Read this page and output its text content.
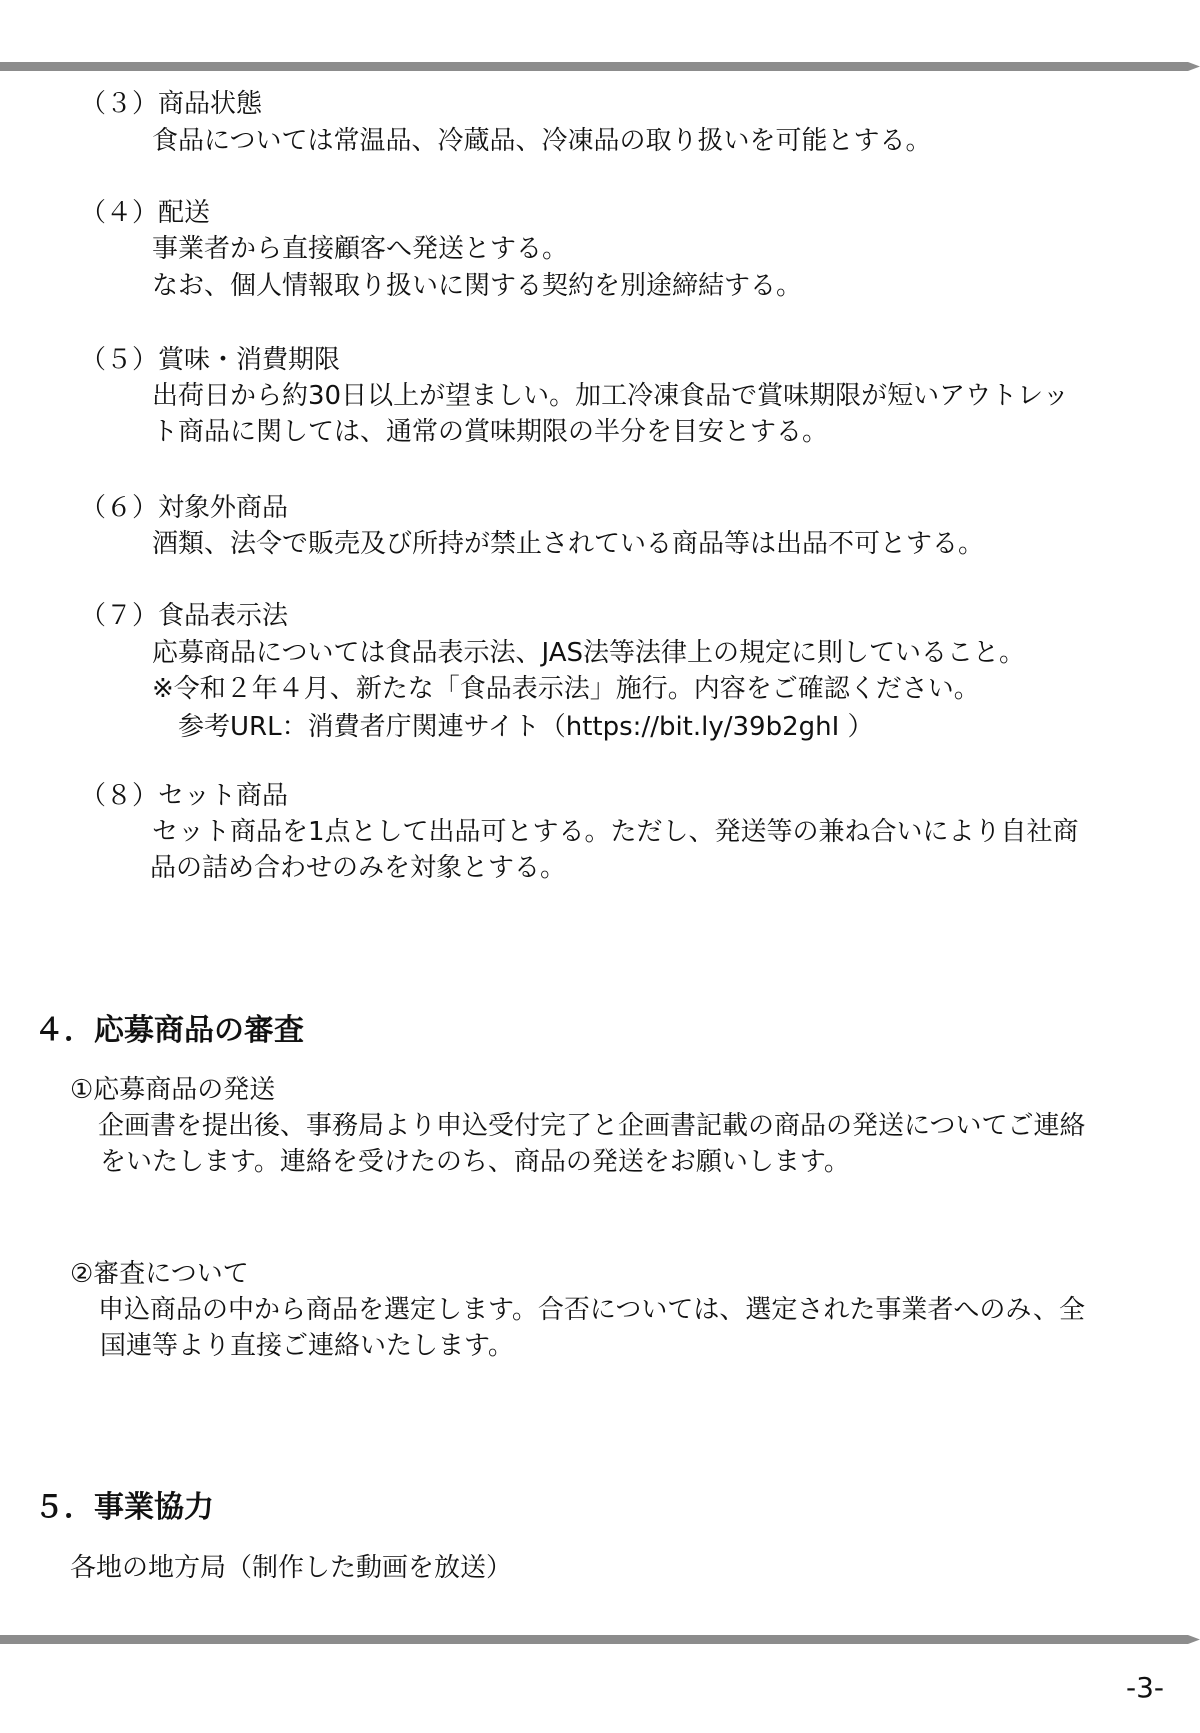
（３）商品状態
食品については常温品、冷蔵品、冷凍品の取り扱いを可能とする。
（４）配送
事業者から直接顧客へ発送とする。
なお、個人情報取り扱いに関する契約を別途締結する。
（５）賞味・消費期限
出荷日から約30日以上が望ましい。加工冷凍食品で賞味期限が短いアウトレッ
ト商品に関しては、通常の賞味期限の半分を目安とする。
（６）対象外商品
酒類、法令で販売及び所持が禁止されている商品等は出品不可とする。
（７）食品表示法
応募商品については食品表示法、JAS法等法律上の規定に則していること。
※令和２年４月、新たな「食品表示法」施行。内容をご確認ください。
参考URL：消費者庁関連サイト（https://bit.ly/39b2ghI ）
（８）セット商品
セット商品を1点として出品可とする。ただし、発送等の兼ね合いにより自社商
品の詰め合わせのみを対象とする。
４．応募商品の審査
①応募商品の発送
企画書を提出後、事務局より申込受付完了と企画書記載の商品の発送についてご連絡
をいたします。連絡を受けたのち、商品の発送をお願いします。
②審査について
申込商品の中から商品を選定します。合否については、選定された事業者へのみ、全
国連等より直接ご連絡いたします。
５．事業協力
各地の地方局（制作した動画を放送）
-3-
